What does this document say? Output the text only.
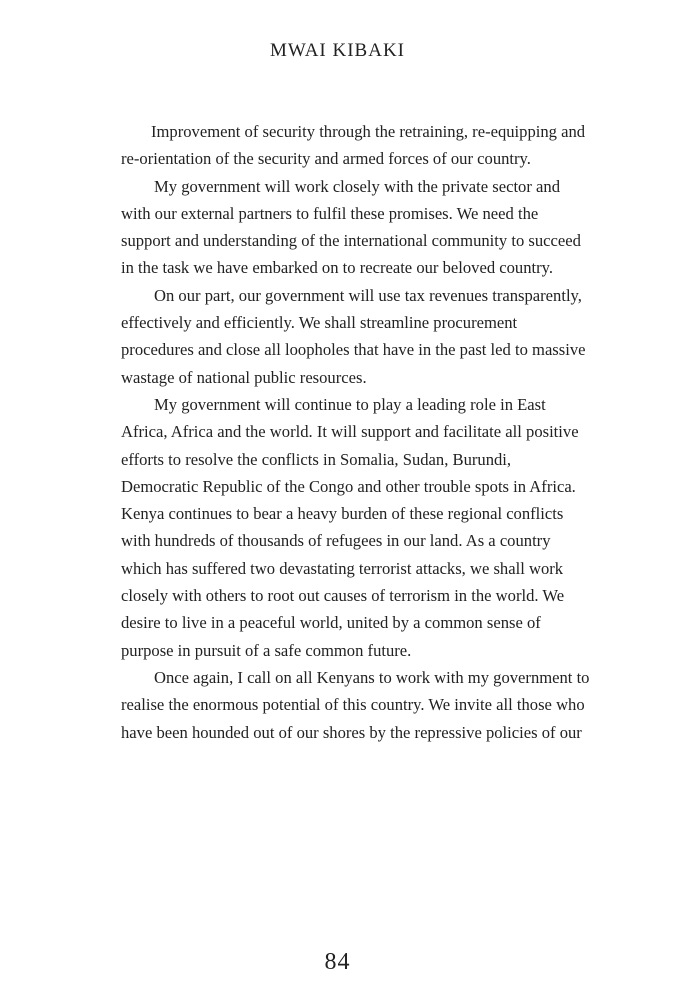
MWAI KIBAKI

Improvement of security through the retraining, re-equipping and re-orientation of the security and armed forces of our country.

My government will work closely with the private sector and with our external partners to fulfil these promises. We need the support and understanding of the international community to succeed in the task we have embarked on to recreate our beloved country.

On our part, our government will use tax revenues transparently, effectively and efficiently. We shall streamline procurement procedures and close all loopholes that have in the past led to massive wastage of national public resources.

My government will continue to play a leading role in East Africa, Africa and the world. It will support and facilitate all positive efforts to resolve the conflicts in Somalia, Sudan, Burundi, Democratic Republic of the Congo and other trouble spots in Africa. Kenya continues to bear a heavy burden of these regional conflicts with hundreds of thousands of refugees in our land. As a country which has suffered two devastating terrorist attacks, we shall work closely with others to root out causes of terrorism in the world. We desire to live in a peaceful world, united by a common sense of purpose in pursuit of a safe common future.

Once again, I call on all Kenyans to work with my government to realise the enormous potential of this country. We invite all those who have been hounded out of our shores by the repressive policies of our

84
